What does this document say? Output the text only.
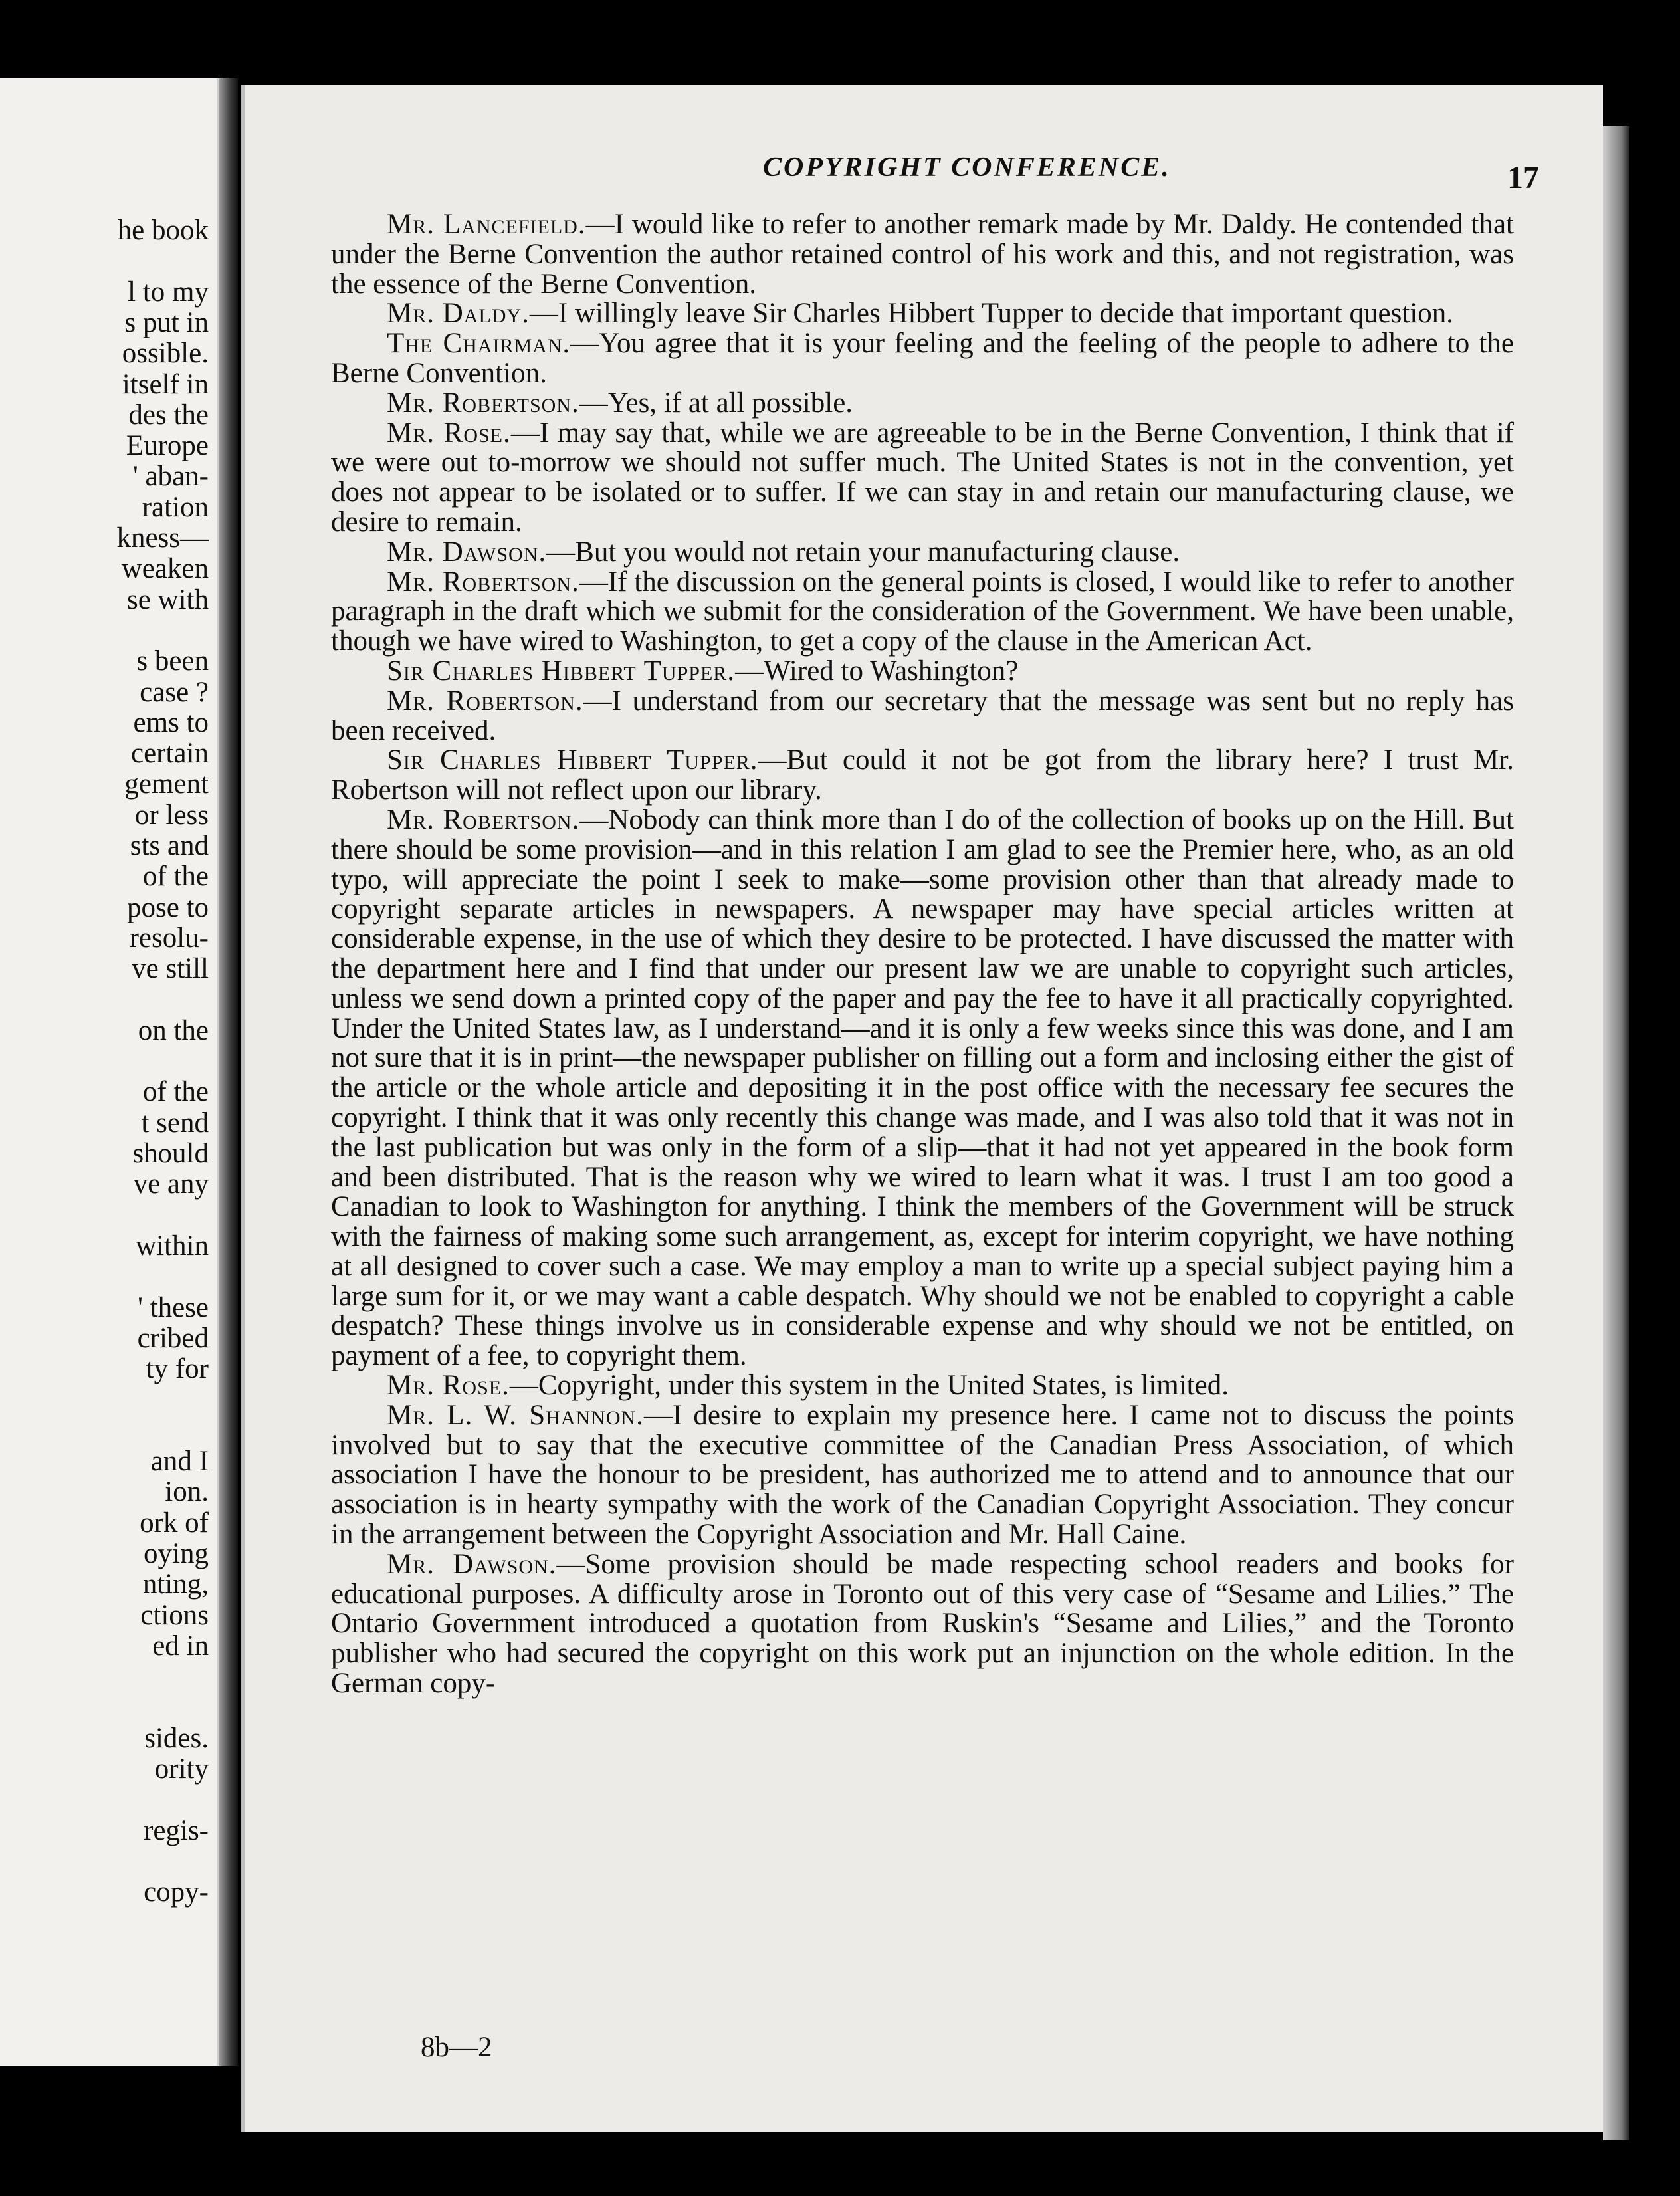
he book
l to my
s put in
ossible.
itself in
des the
Europe
' aban-
ration
kness—
weaken
se with
s been
case ?
ems to
certain
gement
or less
sts and
of the
pose to
resolu-
ve still
on the
of the
t send
should
ve any
within
' these
cribed
ty for
and I
ion.
ork of
oying
nting,
ctions
ed in
sides.
ority
regis-
copy-
COPYRIGHT CONFERENCE.	17

Mr. Lancefield.—I would like to refer to another remark made by Mr. Daldy. He contended that under the Berne Convention the author retained control of his work and this, and not registration, was the essence of the Berne Convention.

Mr. Daldy.—I willingly leave Sir Charles Hibbert Tupper to decide that important question.

The Chairman.—You agree that it is your feeling and the feeling of the people to adhere to the Berne Convention.

Mr. Robertson.—Yes, if at all possible.

Mr. Rose.—I may say that, while we are agreeable to be in the Berne Convention, I think that if we were out to-morrow we should not suffer much. The United States is not in the convention, yet does not appear to be isolated or to suffer. If we can stay in and retain our manufacturing clause, we desire to remain.

Mr. Dawson.—But you would not retain your manufacturing clause.

Mr. Robertson.—If the discussion on the general points is closed, I would like to refer to another paragraph in the draft which we submit for the consideration of the Government. We have been unable, though we have wired to Washington, to get a copy of the clause in the American Act.

Sir Charles Hibbert Tupper.—Wired to Washington?

Mr. Robertson.—I understand from our secretary that the message was sent but no reply has been received.

Sir Charles Hibbert Tupper.—But could it not be got from the library here? I trust Mr. Robertson will not reflect upon our library.

Mr. Robertson.—Nobody can think more than I do of the collection of books up on the Hill. But there should be some provision—and in this relation I am glad to see the Premier here, who, as an old typo, will appreciate the point I seek to make—some provision other than that already made to copyright separate articles in newspapers. A newspaper may have special articles written at considerable expense, in the use of which they desire to be protected. I have discussed the matter with the department here and I find that under our present law we are unable to copyright such articles, unless we send down a printed copy of the paper and pay the fee to have it all practically copyrighted. Under the United States law, as I understand—and it is only a few weeks since this was done, and I am not sure that it is in print—the newspaper publisher on filling out a form and inclosing either the gist of the article or the whole article and depositing it in the post office with the necessary fee secures the copyright. I think that it was only recently this change was made, and I was also told that it was not in the last publication but was only in the form of a slip—that it had not yet appeared in the book form and been distributed. That is the reason why we wired to learn what it was. I trust I am too good a Canadian to look to Washington for anything. I think the members of the Government will be struck with the fairness of making some such arrangement, as, except for interim copyright, we have nothing at all designed to cover such a case. We may employ a man to write up a special subject paying him a large sum for it, or we may want a cable despatch. Why should we not be enabled to copyright a cable despatch? These things involve us in considerable expense and why should we not be entitled, on payment of a fee, to copyright them.

Mr. Rose.—Copyright, under this system in the United States, is limited.

Mr. L. W. Shannon.—I desire to explain my presence here. I came not to discuss the points involved but to say that the executive committee of the Canadian Press Association, of which association I have the honour to be president, has authorized me to attend and to announce that our association is in hearty sympathy with the work of the Canadian Copyright Association. They concur in the arrangement between the Copyright Association and Mr. Hall Caine.

Mr. Dawson.—Some provision should be made respecting school readers and books for educational purposes. A difficulty arose in Toronto out of this very case of “Sesame and Lilies.” The Ontario Government introduced a quotation from Ruskin's “Sesame and Lilies,” and the Toronto publisher who had secured the copyright on this work put an injunction on the whole edition. In the German copy-

8b—2
